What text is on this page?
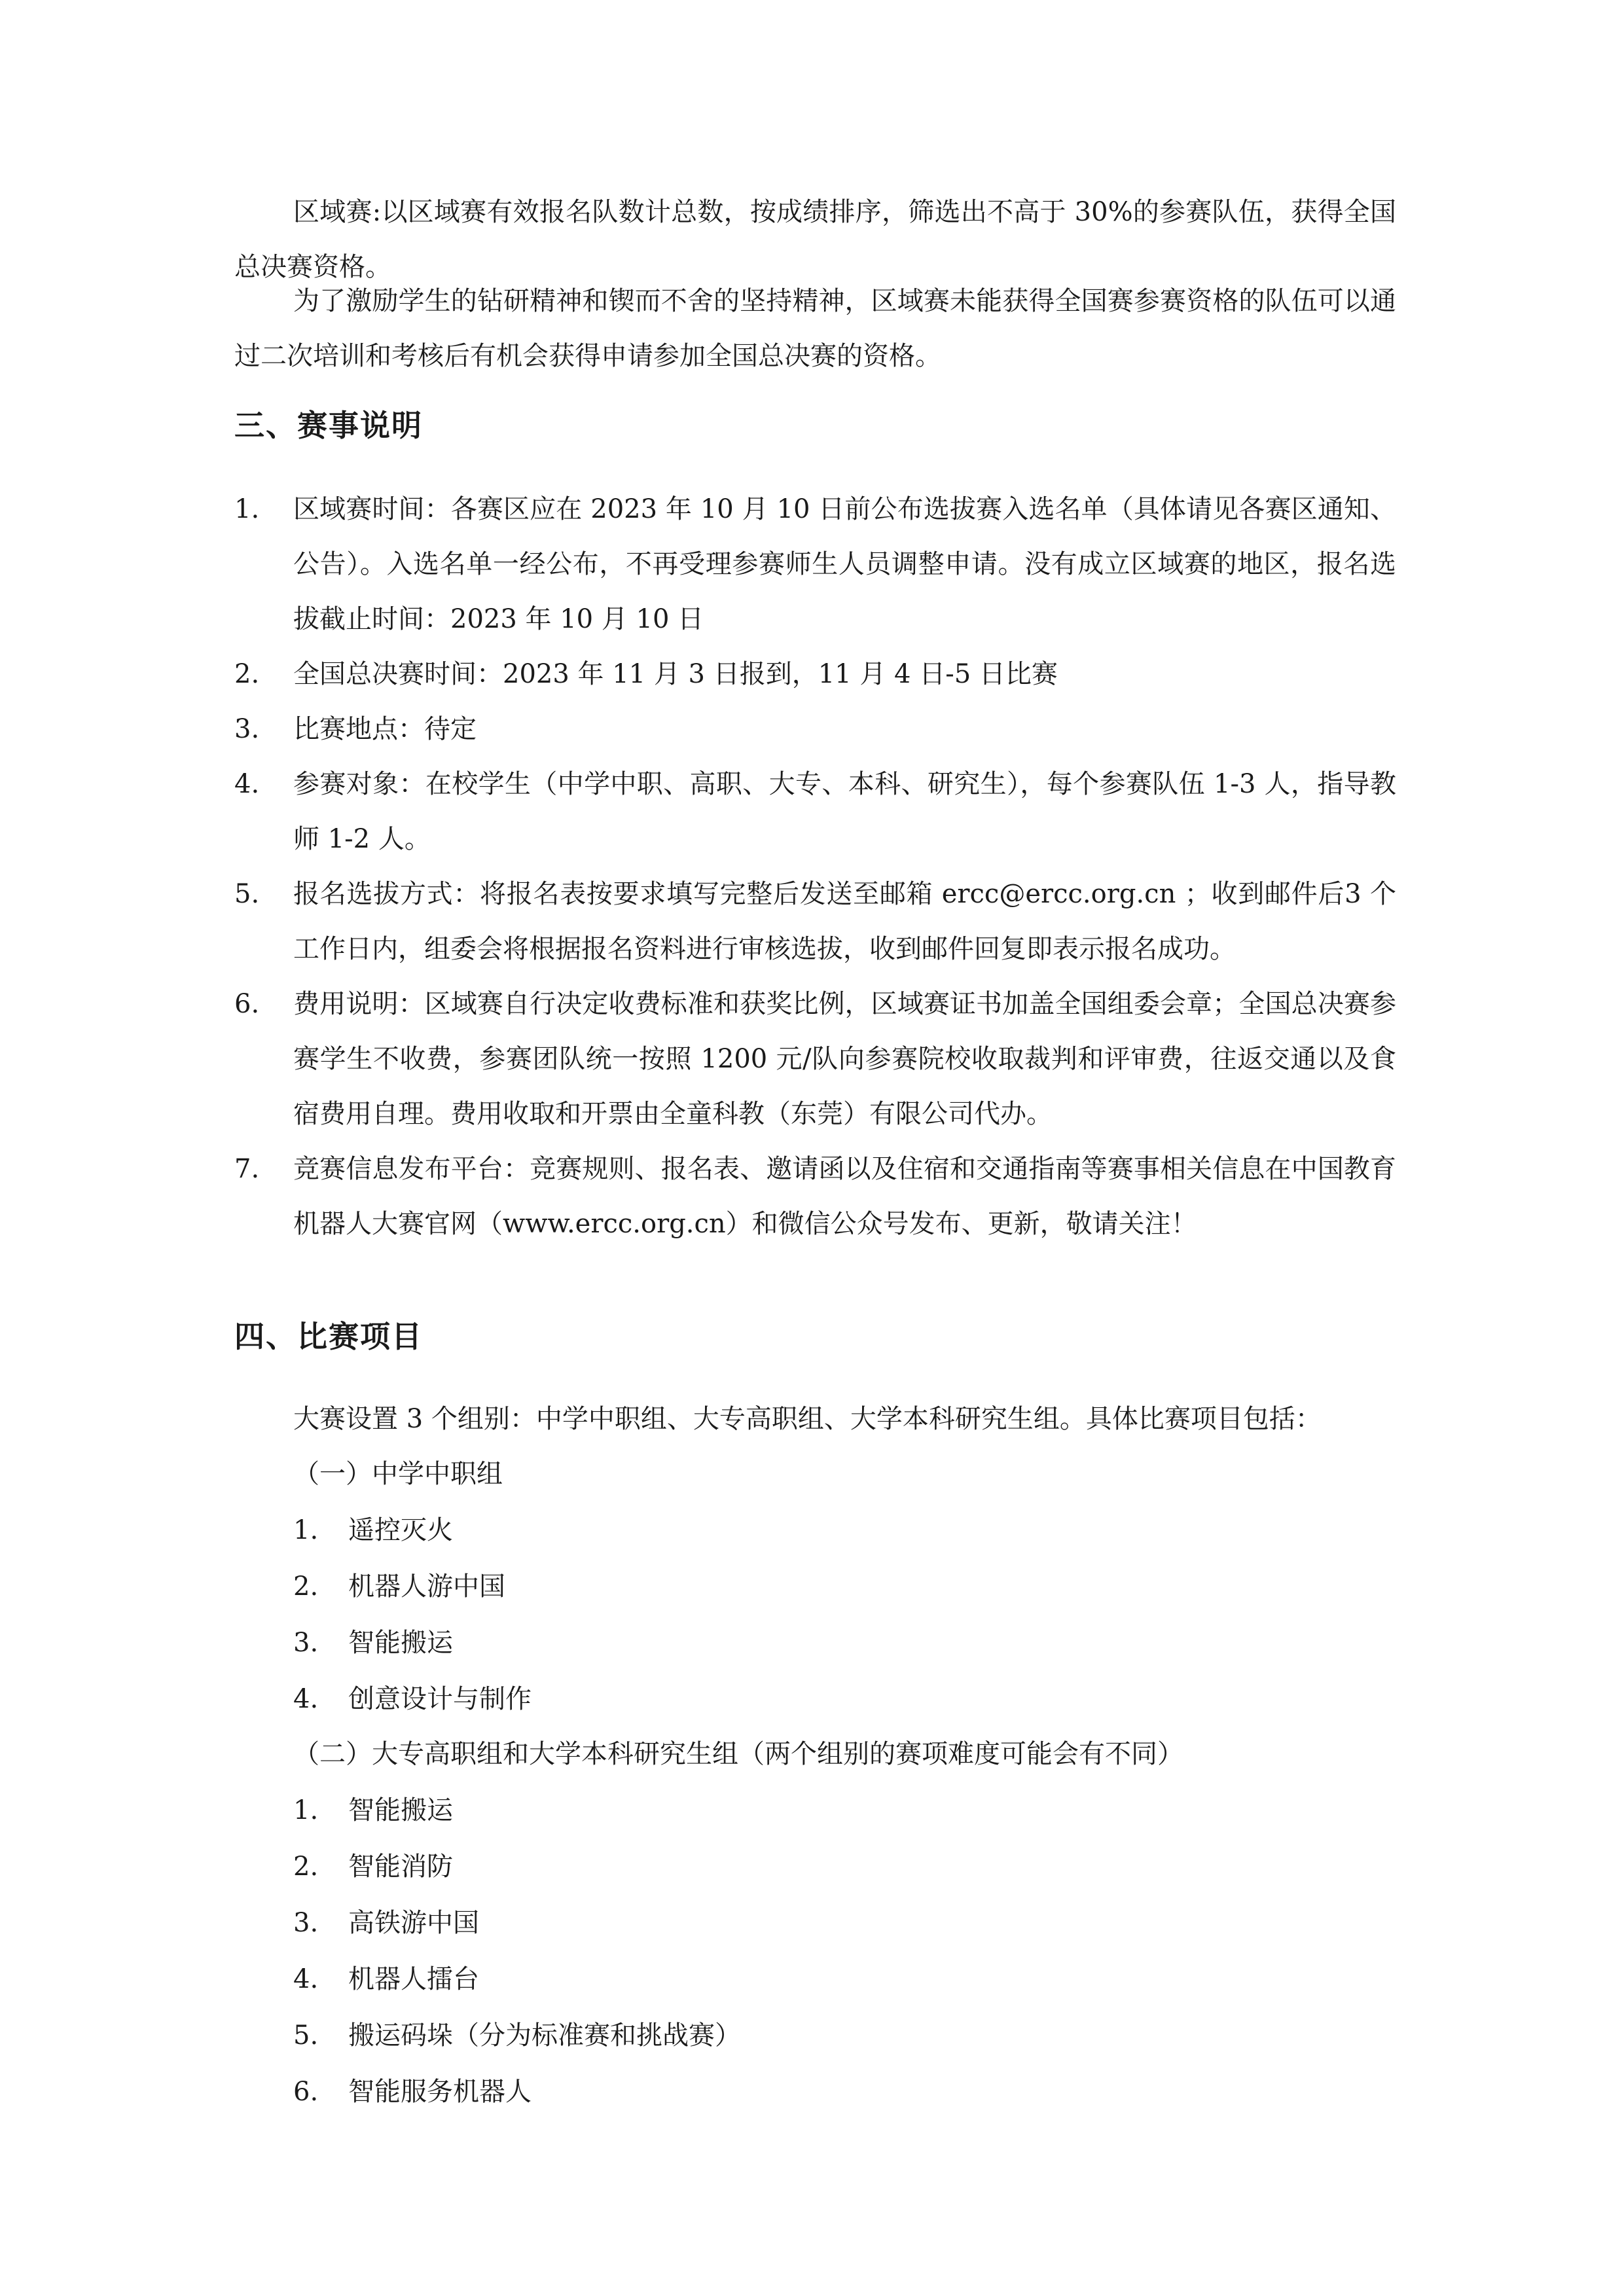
区域赛:以区域赛有效报名队数计总数，按成绩排序，筛选出不高于 30%的参赛队伍，获得全国总决赛资格。

为了激励学生的钻研精神和锲而不舍的坚持精神，区域赛未能获得全国赛参赛资格的队伍可以通过二次培训和考核后有机会获得申请参加全国总决赛的资格。

三、赛事说明
1.	区域赛时间：各赛区应在 2023 年 10 月 10 日前公布选拔赛入选名单（具体请见各赛区通知、公告）。入选名单一经公布，不再受理参赛师生人员调整申请。没有成立区域赛的地区，报名选拔截止时间：2023 年 10 月 10 日
2.	全国总决赛时间：2023 年 11 月 3 日报到，11 月 4 日-5 日比赛
3.	比赛地点：待定
4.	参赛对象：在校学生（中学中职、高职、大专、本科、研究生），每个参赛队伍 1-3 人，指导教师 1-2 人。
5.	报名选拔方式：将报名表按要求填写完整后发送至邮箱 ercc@ercc.org.cn ；收到邮件后3 个工作日内，组委会将根据报名资料进行审核选拔，收到邮件回复即表示报名成功。
6.	费用说明：区域赛自行决定收费标准和获奖比例，区域赛证书加盖全国组委会章；全国总决赛参赛学生不收费，参赛团队统一按照 1200 元/队向参赛院校收取裁判和评审费，往返交通以及食宿费用自理。费用收取和开票由全童科教（东莞）有限公司代办。
7.	竞赛信息发布平台：竞赛规则、报名表、邀请函以及住宿和交通指南等赛事相关信息在中国教育机器人大赛官网（www.ercc.org.cn）和微信公众号发布、更新，敬请关注！
四、比赛项目

大赛设置 3 个组别：中学中职组、大专高职组、大学本科研究生组。具体比赛项目包括：

（一）中学中职组

1.	遥控灭火
2.	机器人游中国
3.	智能搬运
4.	创意设计与制作

（二）大专高职组和大学本科研究生组（两个组别的赛项难度可能会有不同）

1.	智能搬运
2.	智能消防
3.	高铁游中国
4.	机器人擂台
5.	搬运码垛（分为标准赛和挑战赛）
6.	智能服务机器人
